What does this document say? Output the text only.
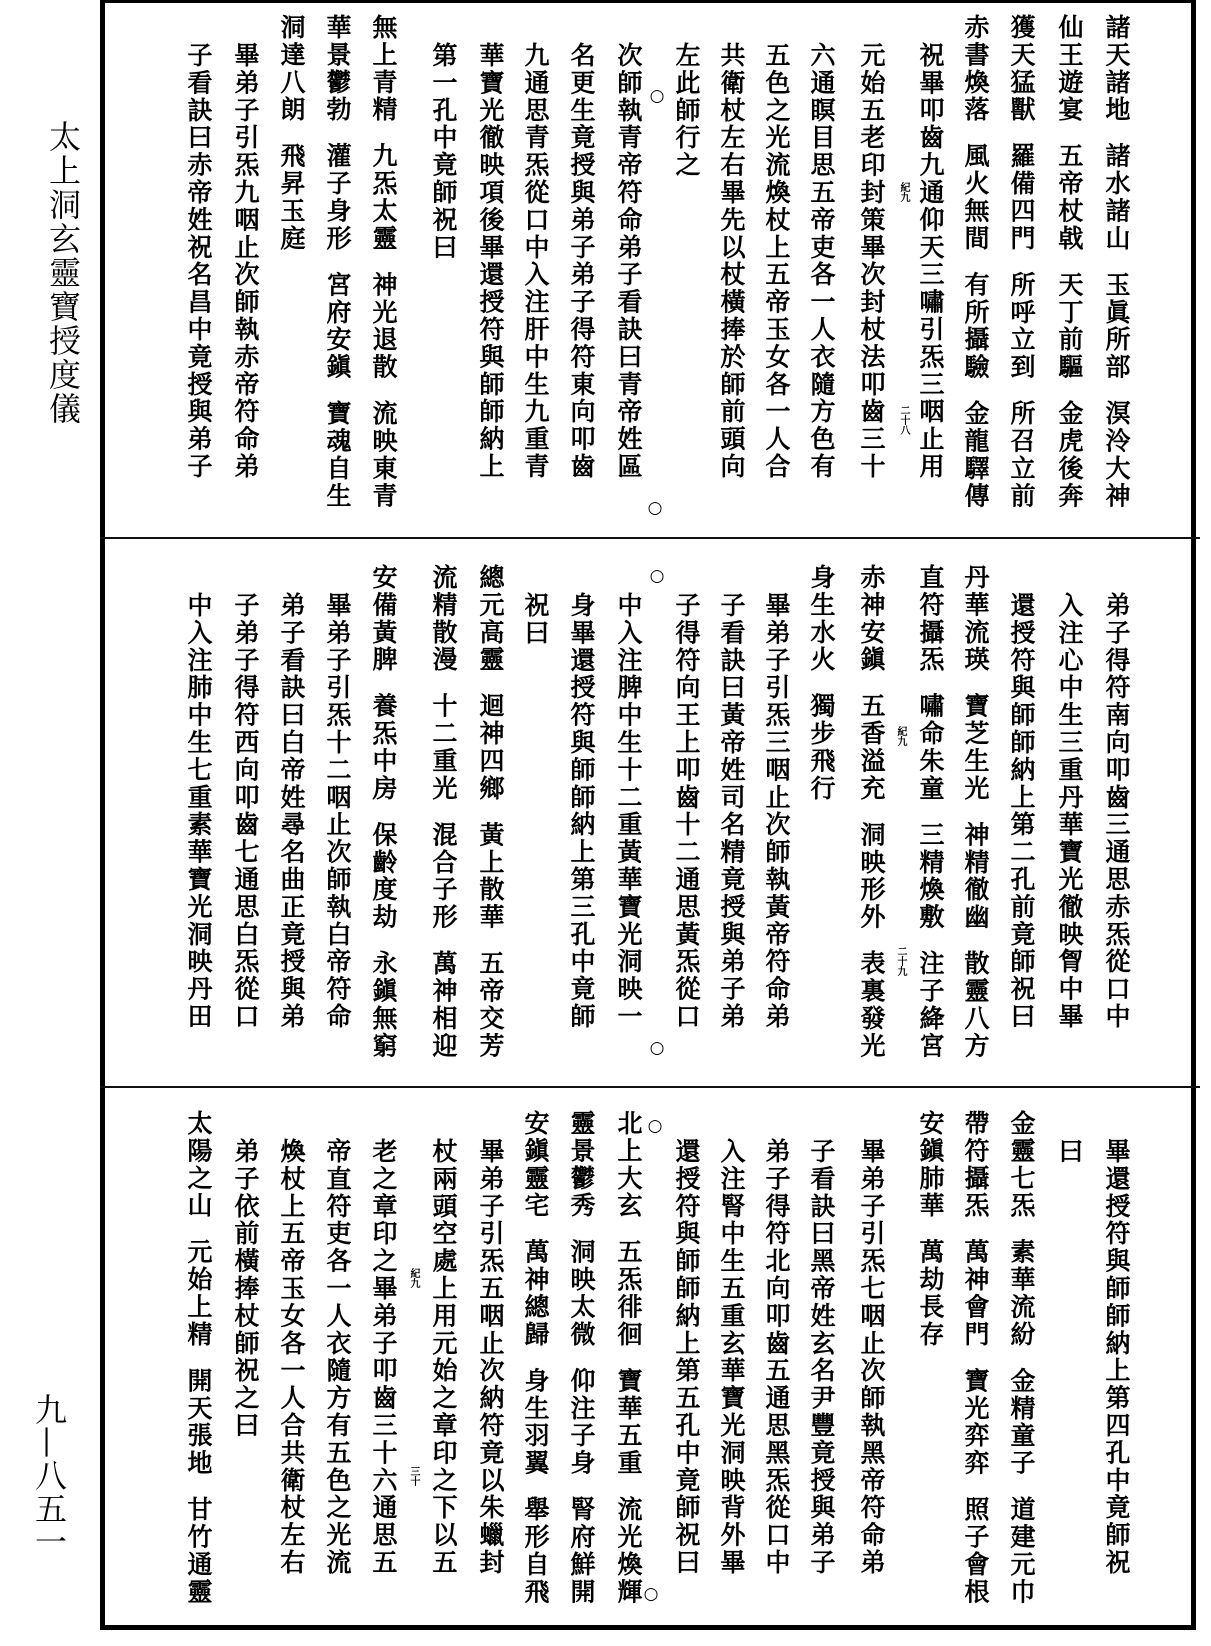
太上洞玄靈寶授度儀
九—八五一
諸天諸地 諸水諸山 玉眞所部 溟泠大神
仙王遊宴 五帝杖㦸 天丁前驅 金虎後奔
獲天猛獸 羅備四門 所呼立到 所召立前
赤書煥落 風火無間 有所攝驗 金龍驛傳
祝畢叩齒九通仰天三嘯引炁三咽止用
元始五老印封策畢次封杖法叩齒三十
六通瞑目思五帝吏各一人衣隨方色有
五色之光流煥杖上五帝玉女各一人合
共衛杖左右畢先以杖橫捧於師前頭向
左此師行之
次師執青帝符命弟子看訣曰青帝姓區
名更生竟授與弟子弟子得符東向叩齒
九通思青炁從口中入注肝中生九重青
華寶光徹映項後畢還授符與師師納上
第一孔中竟師祝曰
無上青精 九炁太靈 神光退散 流映東青
華景鬱勃 灌子身形 宮府安鎭 寶魂自生
洞達八朗 飛昇玉庭
畢弟子引炁九咽止次師執赤帝符命弟
子看訣曰赤帝姓祝名昌中竟授與弟子	紀九
二十八
○
○
弟子得符南向叩齒三通思赤炁從口中
入注心中生三重丹華寶光徹映胷中畢
還授符與師師納上第二孔前竟師祝曰
丹華流瑛 寶芝生光 神精徹幽 散靈八方
直符攝炁 嘯命朱童 三精煥敷 注子絳宮
赤神安鎭 五香溢充 洞映形外 表裏發光
身生水火 獨步飛行
畢弟子引炁三咽止次師執黃帝符命弟
子看訣曰黃帝姓司名精竟授與弟子弟
子得符向王上叩齒十二通思黃炁從口
中入注脾中生十二重黃華寶光洞映一
身畢還授符與師師納上第三孔中竟師
祝曰
總元高靈 迴神四鄉 黃上散華 五帝交芳
流精散漫 十二重光 混合子形 萬神相迎
安備黃脾 養炁中房 保齡度劫 永鎭無窮
畢弟子引炁十二咽止次師執白帝符命
弟子看訣曰白帝姓尋名曲正竟授與弟
子弟子得符西向叩齒七通思白炁從口
中入注肺中生七重素華寶光洞映丹田	紀九
二十九
○
○
畢還授符與師師納上第四孔中竟師祝
曰
金靈七炁 素華流紛 金精童子 道建元巾
帶符攝炁 萬神會門 寶光弈弈 照子會根
安鎭肺華 萬劫長存
畢弟子引炁七咽止次師執黑帝符命弟
子看訣曰黑帝姓玄名尹豐竟授與弟子
弟子得符北向叩齒五通思黑炁從口中
入注腎中生五重玄華寶光洞映背外畢
還授符與師師納上第五孔中竟師祝曰
北上大玄 五炁徘徊 寶華五重 流光煥輝
靈景鬱秀 洞映太微 仰注子身 腎府鮮開
安鎭靈宅 萬神總歸 身生羽翼 舉形自飛
畢弟子引炁五咽止次納符竟以朱蠟封
杖兩頭空處上用元始之章印之下以五
老之章印之畢弟子叩齒三十六通思五
帝直符吏各一人衣隨方有五色之光流
煥杖上五帝玉女各一人合共衛杖左右
弟子依前橫捧杖師祝之曰
太陽之山 元始上精 開天張地 甘竹通靈	紀九
三十
○
○
